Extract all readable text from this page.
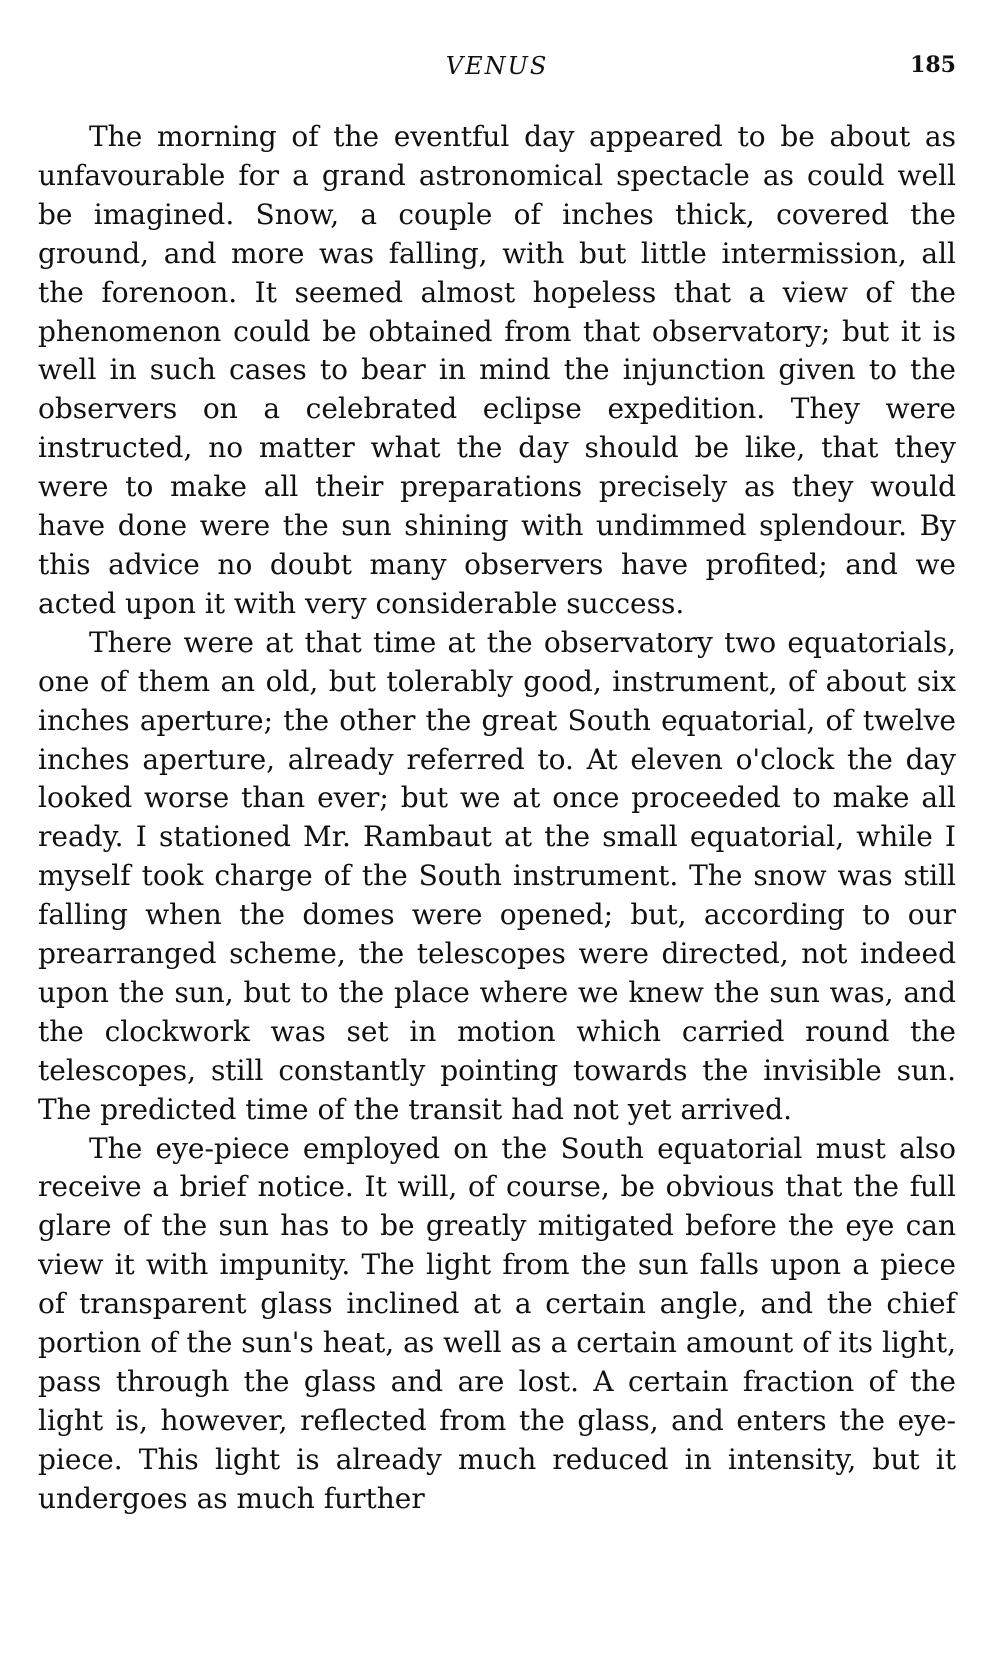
VENUS	185

The morning of the eventful day appeared to be about as unfavourable for a grand astronomical spectacle as could well be imagined. Snow, a couple of inches thick, covered the ground, and more was falling, with but little intermission, all the forenoon. It seemed almost hopeless that a view of the phenomenon could be obtained from that observatory; but it is well in such cases to bear in mind the injunction given to the observers on a celebrated eclipse expedition. They were instructed, no matter what the day should be like, that they were to make all their preparations precisely as they would have done were the sun shining with undimmed splendour. By this advice no doubt many observers have profited; and we acted upon it with very considerable success.

There were at that time at the observatory two equatorials, one of them an old, but tolerably good, instrument, of about six inches aperture; the other the great South equatorial, of twelve inches aperture, already referred to. At eleven o'clock the day looked worse than ever; but we at once proceeded to make all ready. I stationed Mr. Rambaut at the small equatorial, while I myself took charge of the South instrument. The snow was still falling when the domes were opened; but, according to our prearranged scheme, the telescopes were directed, not indeed upon the sun, but to the place where we knew the sun was, and the clockwork was set in motion which carried round the telescopes, still constantly pointing towards the invisible sun. The predicted time of the transit had not yet arrived.

The eye-piece employed on the South equatorial must also receive a brief notice. It will, of course, be obvious that the full glare of the sun has to be greatly mitigated before the eye can view it with impunity. The light from the sun falls upon a piece of transparent glass inclined at a certain angle, and the chief portion of the sun's heat, as well as a certain amount of its light, pass through the glass and are lost. A certain fraction of the light is, however, reflected from the glass, and enters the eye-piece. This light is already much reduced in intensity, but it undergoes as much further
